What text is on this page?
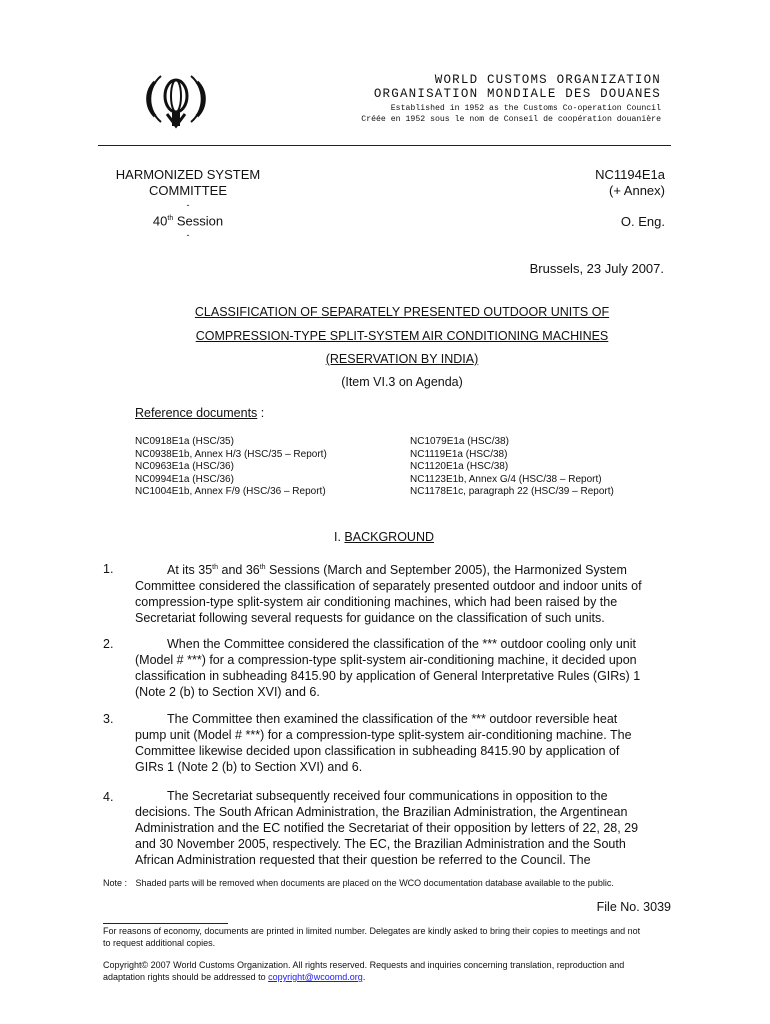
WORLD CUSTOMS ORGANIZATION
ORGANISATION MONDIALE DES DOUANES
Established in 1952 as the Customs Co-operation Council
Créée en 1952 sous le nom de Conseil de coopération douanière
HARMONIZED SYSTEM
COMMITTEE
-
40th Session
-
NC1194E1a
(+ Annex)
O. Eng.
Brussels, 23 July 2007.
CLASSIFICATION OF SEPARATELY PRESENTED OUTDOOR UNITS OF
COMPRESSION-TYPE SPLIT-SYSTEM AIR CONDITIONING MACHINES
(RESERVATION BY INDIA)
(Item VI.3 on Agenda)
Reference documents :
NC0918E1a (HSC/35)
NC0938E1b, Annex H/3 (HSC/35 – Report)
NC0963E1a (HSC/36)
NC0994E1a (HSC/36)
NC1004E1b, Annex F/9 (HSC/36 – Report)
NC1079E1a (HSC/38)
NC1119E1a (HSC/38)
NC1120E1a (HSC/38)
NC1123E1b, Annex G/4 (HSC/38 – Report)
NC1178E1c, paragraph 22 (HSC/39 – Report)
I. BACKGROUND
1.	At its 35th and 36th Sessions (March and September 2005), the Harmonized System
Committee considered the classification of separately presented outdoor and indoor units of
compression-type split-system air conditioning machines, which had been raised by the
Secretariat following several requests for guidance on the classification of such units.
2.	When the Committee considered the classification of the *** outdoor cooling only unit
(Model # ***) for a compression-type split-system air-conditioning machine, it decided upon
classification in subheading 8415.90 by application of General Interpretative Rules (GIRs) 1
(Note 2 (b) to Section XVI) and 6.
3.	The Committee then examined the classification of the *** outdoor reversible heat
pump unit (Model # ***) for a compression-type split-system air-conditioning machine. The
Committee likewise decided upon classification in subheading 8415.90 by application of
GIRs 1 (Note 2 (b) to Section XVI) and 6.
4.	The Secretariat subsequently received four communications in opposition to the
decisions. The South African Administration, the Brazilian Administration, the Argentinean
Administration and the EC notified the Secretariat of their opposition by letters of 22, 28, 29
and 30 November 2005, respectively. The EC, the Brazilian Administration and the South
African Administration requested that their question be referred to the Council. The
Note : Shaded parts will be removed when documents are placed on the WCO documentation database available to the public.
File No. 3039
For reasons of economy, documents are printed in limited number. Delegates are kindly asked to bring their copies to meetings and not
to request additional copies.
Copyright© 2007 World Customs Organization. All rights reserved. Requests and inquiries concerning translation, reproduction and
adaptation rights should be addressed to copyright@wcoomd.org.
